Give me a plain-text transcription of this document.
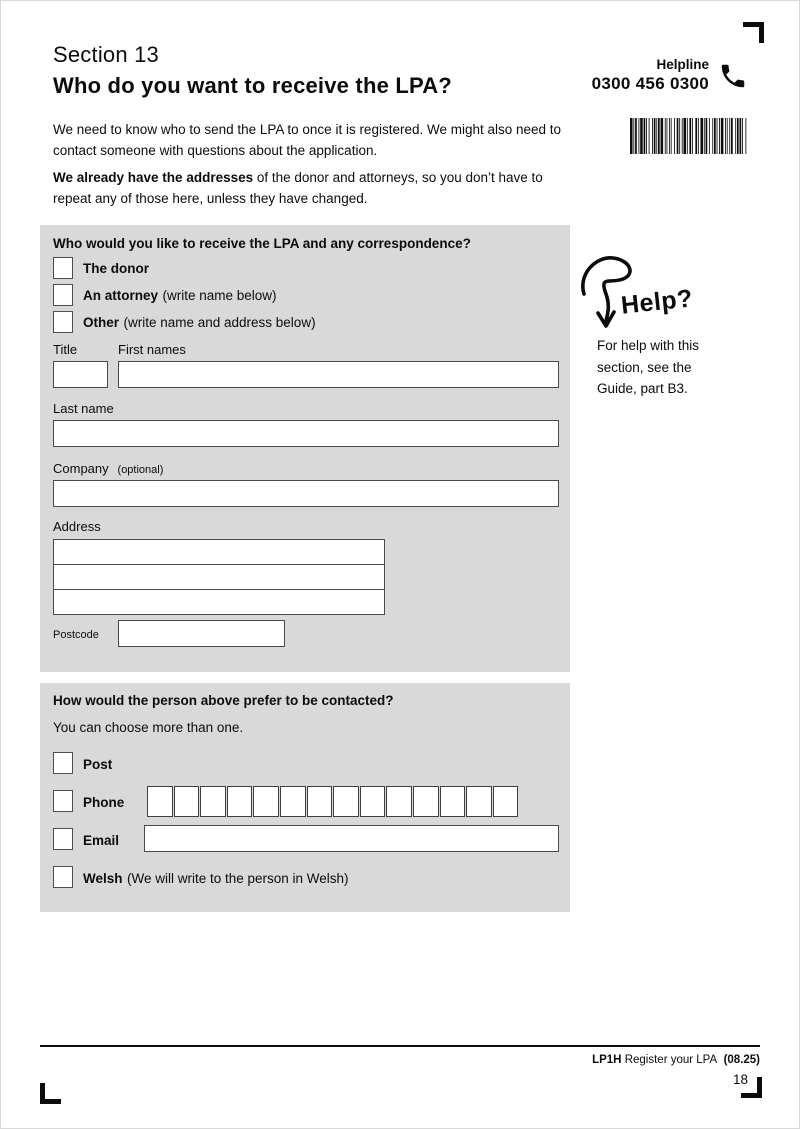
Section 13
Who do you want to receive the LPA?
We need to know who to send the LPA to once it is registered. We might also need to contact someone with questions about the application.
We already have the addresses of the donor and attorneys, so you don’t have to repeat any of those here, unless they have changed.
Helpline
0300 456 0300
Help?
For help with this section, see the Guide, part B3.
Who would you like to receive the LPA and any correspondence?
The donor
An attorney (write name below)
Other (write name and address below)
Title	First names
Last name
Company (optional)
Address
Postcode
How would the person above prefer to be contacted?
You can choose more than one.
Post
Phone
Email
Welsh (We will write to the person in Welsh)
LP1H Register your LPA (08.25)
18
